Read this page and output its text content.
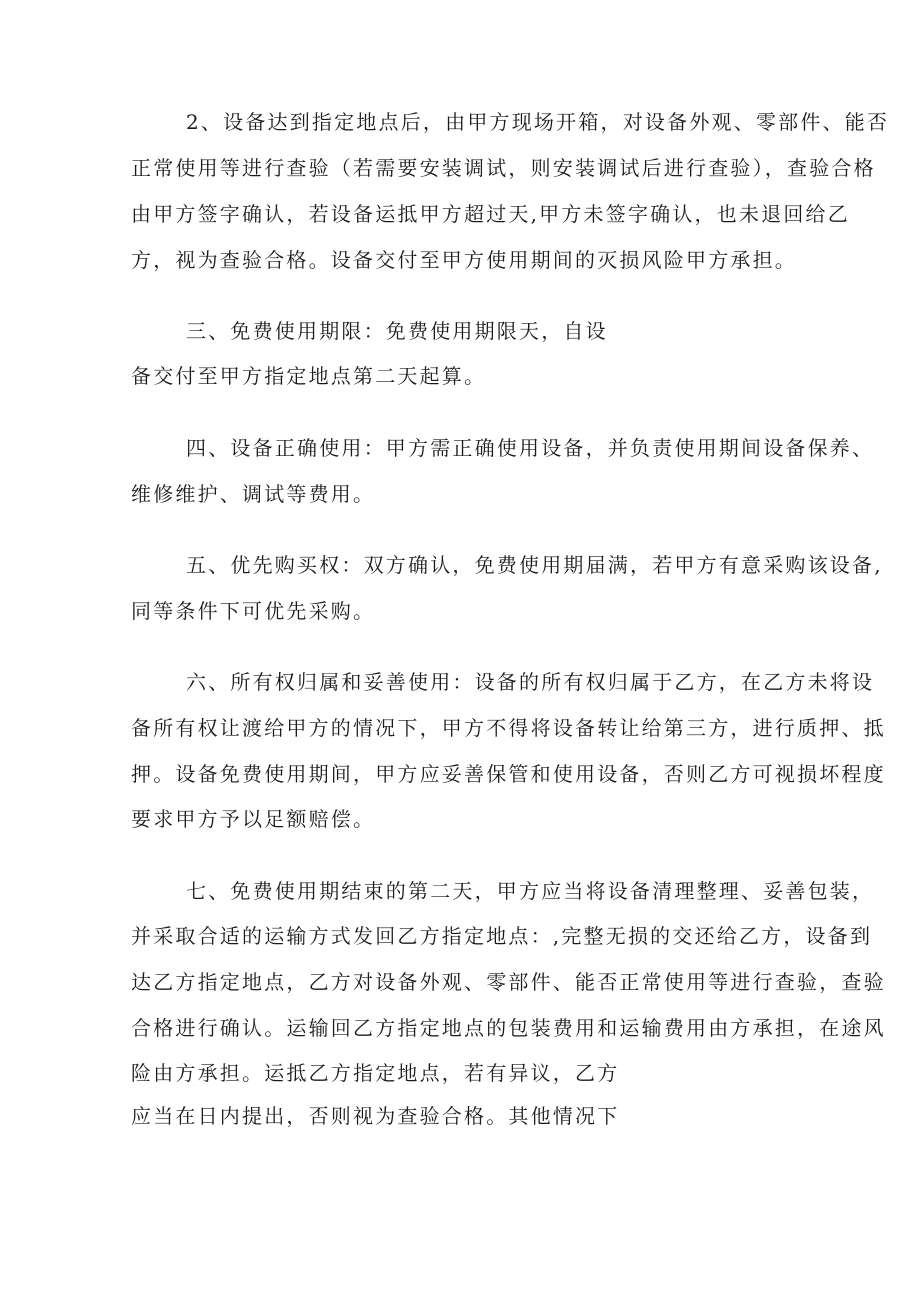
2、设备达到指定地点后，由甲方现场开箱，对设备外观、零部件、能否
正常使用等进行查验（若需要安装调试，则安装调试后进行查验），查验合格
由甲方签字确认，若设备运抵甲方超过天,甲方未签字确认，也未退回给乙
方，视为查验合格。设备交付至甲方使用期间的灭损风险甲方承担。
三、免费使用期限：免费使用期限天，自设
备交付至甲方指定地点第二天起算。
四、设备正确使用：甲方需正确使用设备，并负责使用期间设备保养、
维修维护、调试等费用。
五、优先购买权：双方确认，免费使用期届满，若甲方有意采购该设备,
同等条件下可优先采购。
六、所有权归属和妥善使用：设备的所有权归属于乙方，在乙方未将设
备所有权让渡给甲方的情况下，甲方不得将设备转让给第三方，进行质押、抵
押。设备免费使用期间，甲方应妥善保管和使用设备，否则乙方可视损坏程度
要求甲方予以足额赔偿。
七、免费使用期结束的第二天，甲方应当将设备清理整理、妥善包装，
并采取合适的运输方式发回乙方指定地点：,完整无损的交还给乙方，设备到
达乙方指定地点，乙方对设备外观、零部件、能否正常使用等进行查验，查验
合格进行确认。运输回乙方指定地点的包装费用和运输费用由方承担，在途风
险由方承担。运抵乙方指定地点，若有异议，乙方
应当在日内提出，否则视为查验合格。其他情况下
